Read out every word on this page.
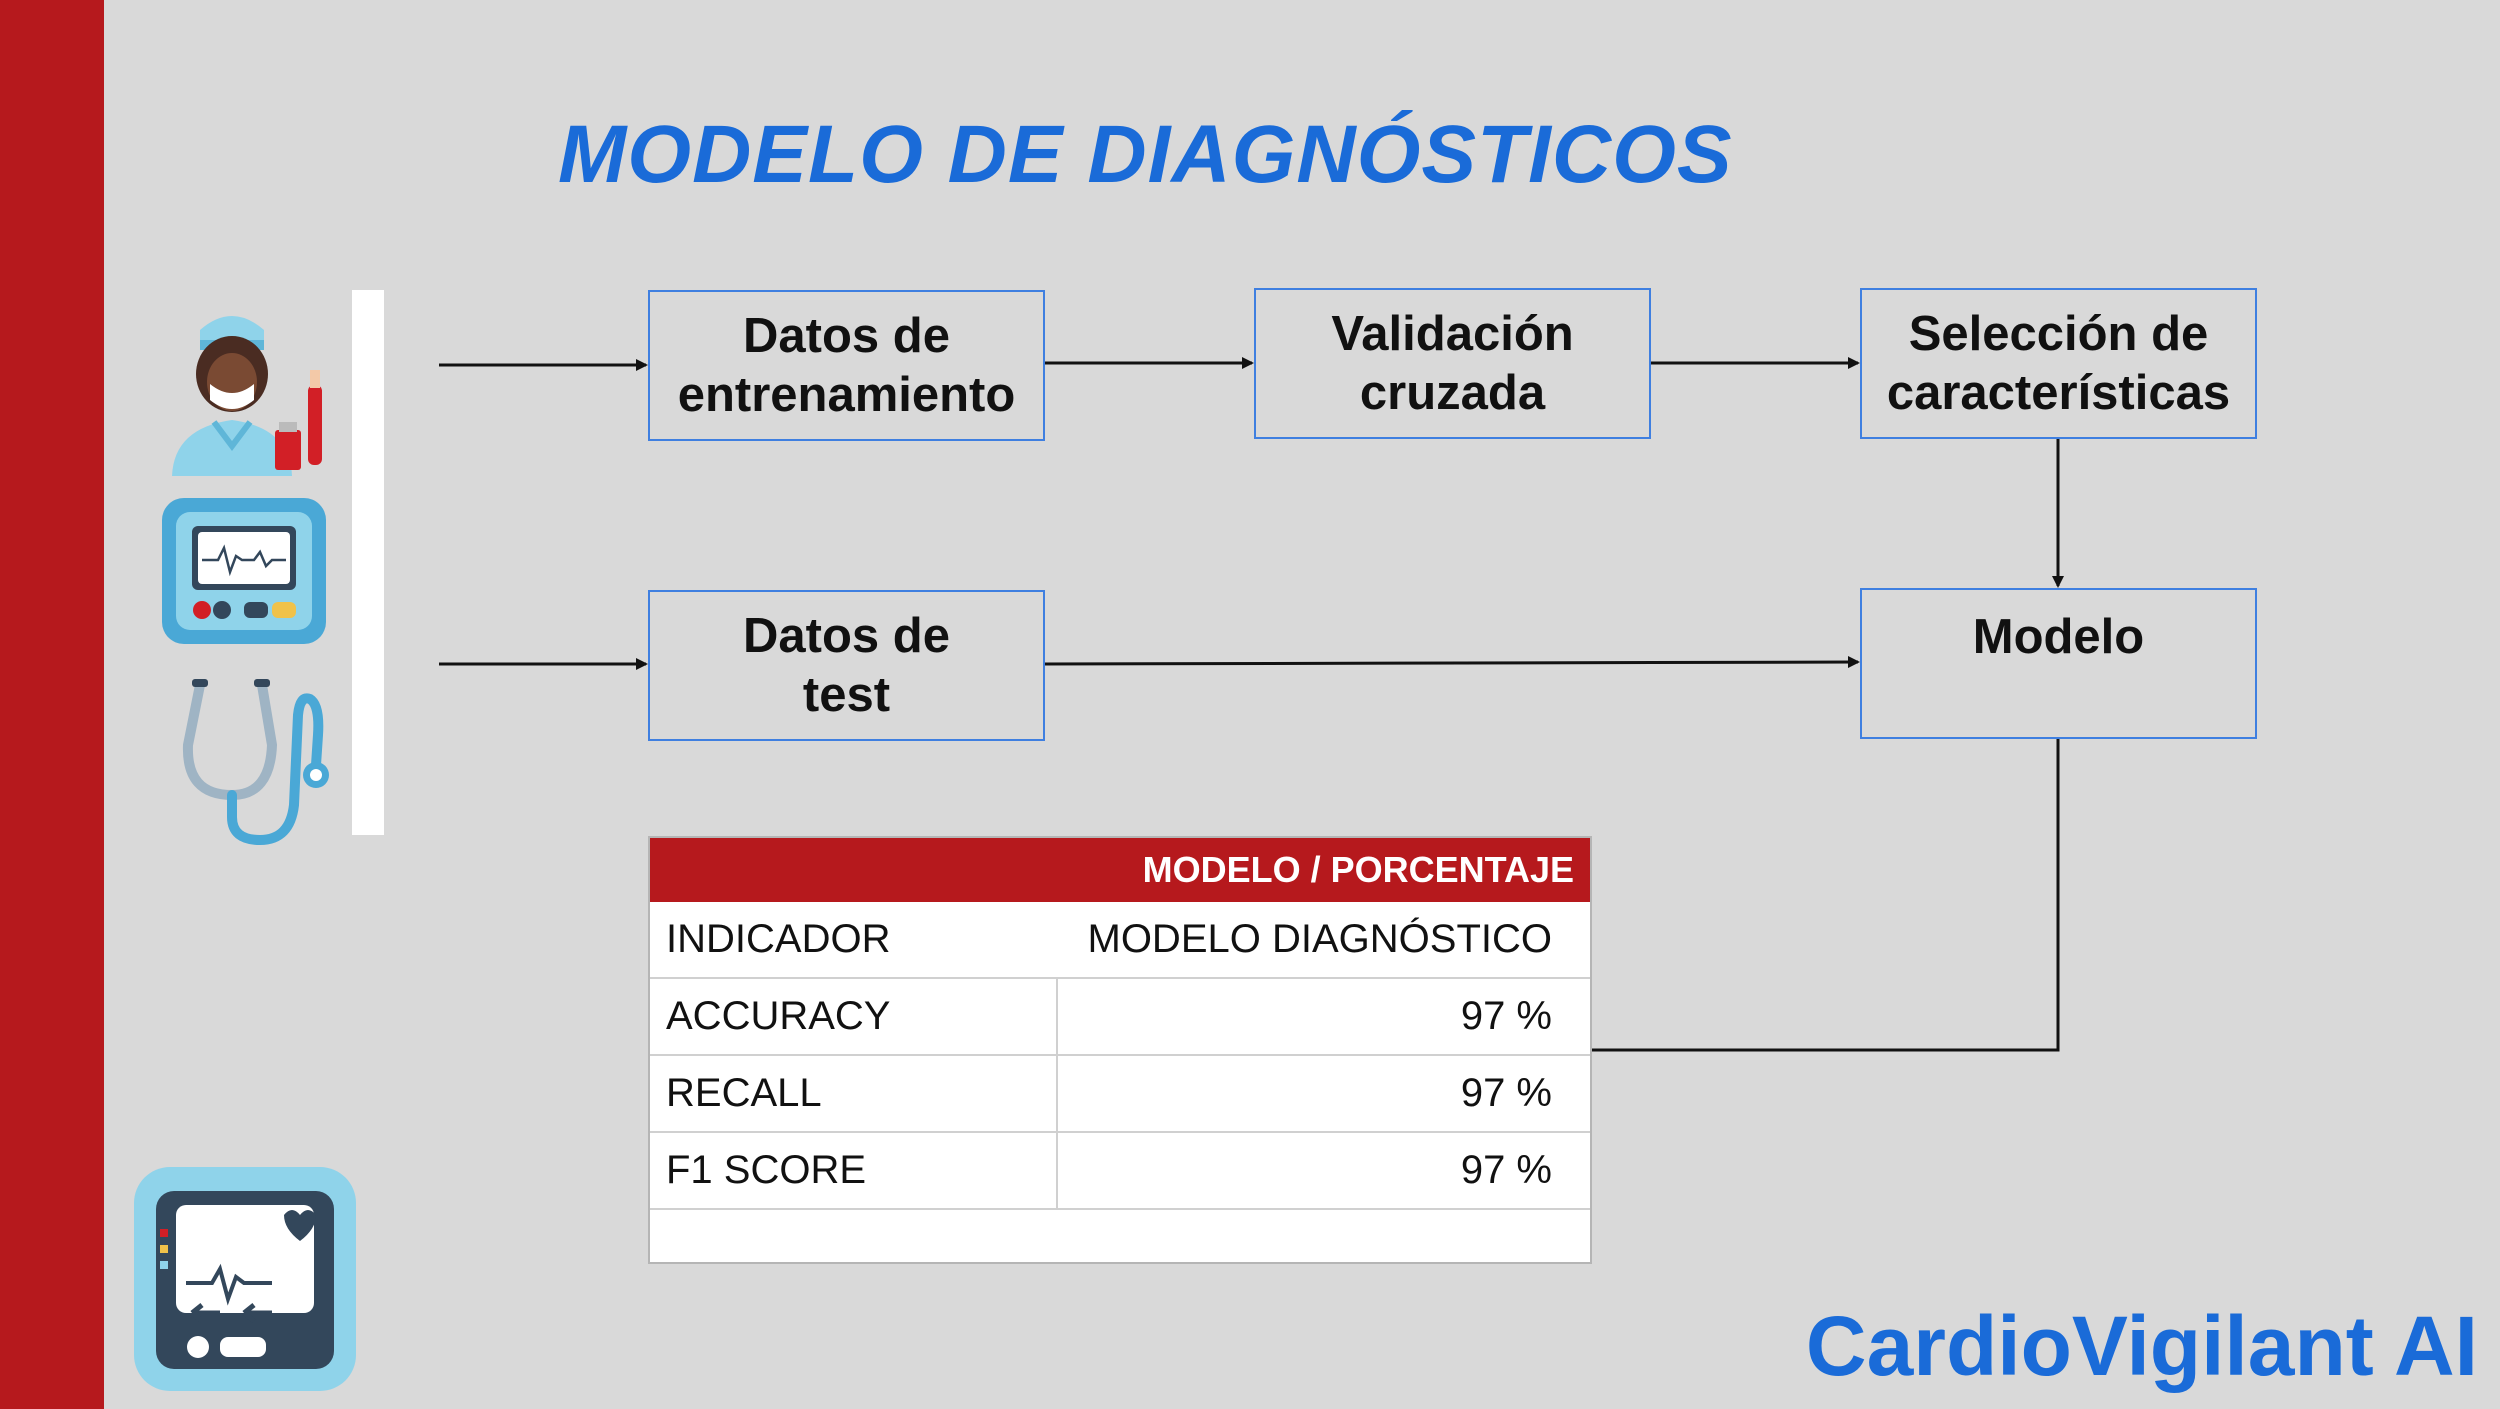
MODELO DE DIAGNÓSTICOS
Datos de
entrenamiento
Validación
cruzada
Selección de
características
Datos de
test
Modelo
MODELO / PORCENTAJE
INDICADOR	MODELO DIAGNÓSTICO
ACCURACY	97 %
RECALL	97 %
F1 SCORE	97 %
CardioVigilant AI
